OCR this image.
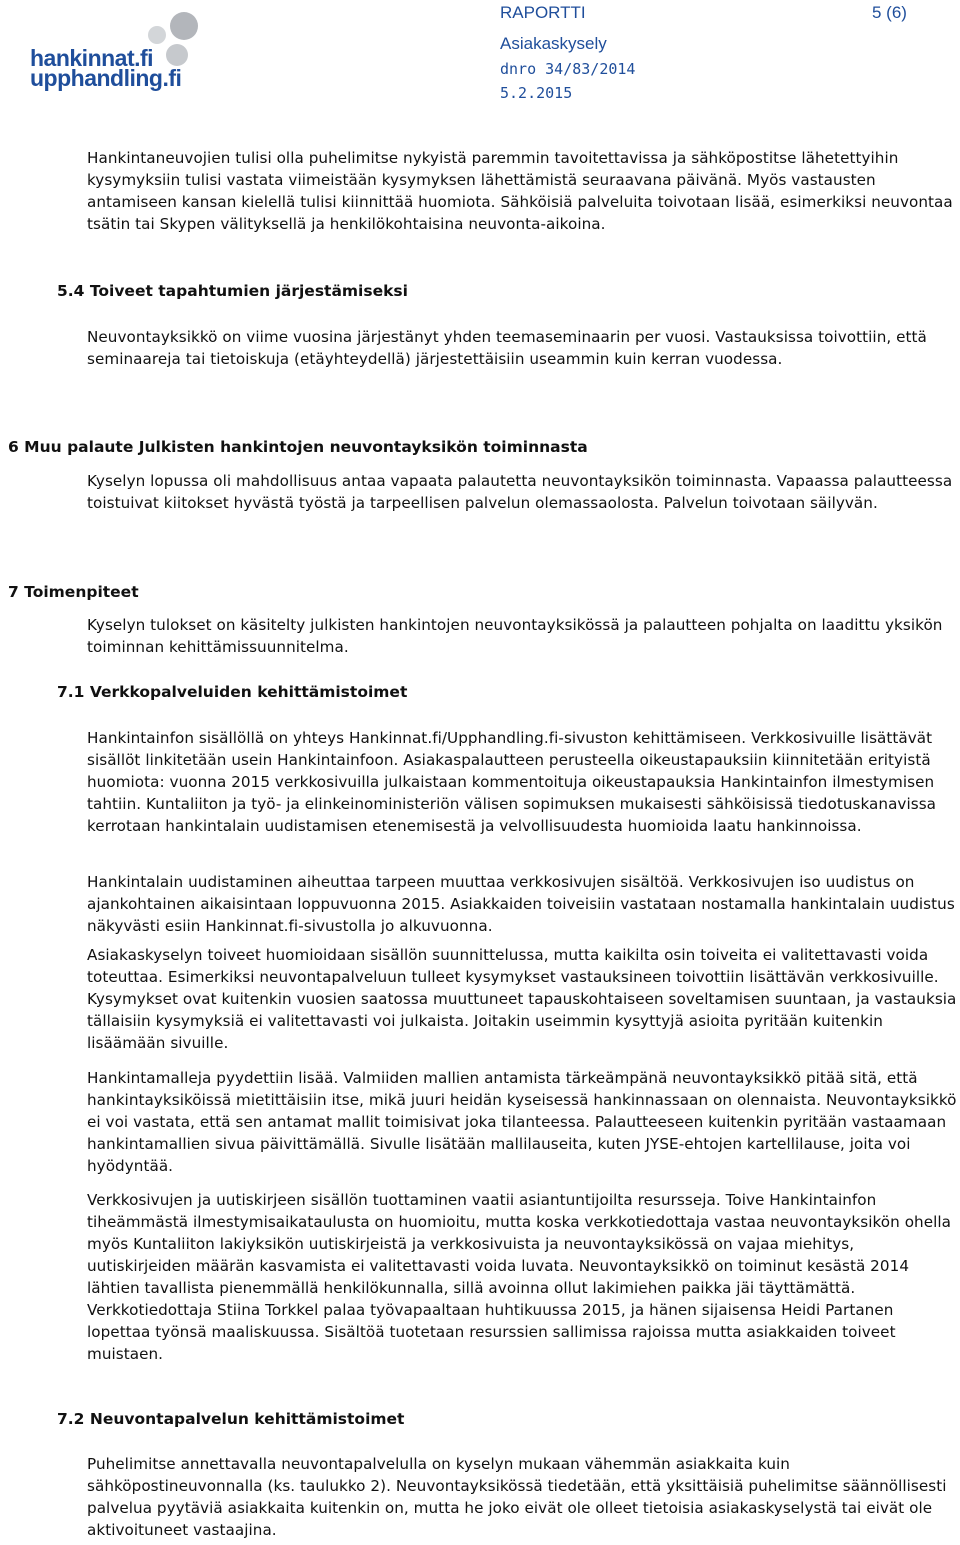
hankinnat.fi
upphandling.fi
RAPORTTI	5 (6)
Asiakaskysely
dnro 34/83/2014
5.2.2015

Hankintaneuvojien tulisi olla puhelimitse nykyistä paremmin tavoitettavissa ja sähköpostitse lähetettyihin kysymyksiin tulisi vastata viimeistään kysymyksen lähettämistä seuraavana päivänä. Myös vastausten antamiseen kansan kielellä tulisi kiinnittää huomiota. Sähköisiä palveluita toivotaan lisää, esimerkiksi neuvontaa tsätin tai Skypen välityksellä ja henkilökohtaisina neuvonta-aikoina.

5.4 Toiveet tapahtumien järjestämiseksi

Neuvontayksikkö on viime vuosina järjestänyt yhden teemaseminaarin per vuosi. Vastauksissa toivottiin, että seminaareja tai tietoiskuja (etäyhteydellä) järjestettäisiin useammin kuin kerran vuodessa.

6 Muu palaute Julkisten hankintojen neuvontayksikön toiminnasta

Kyselyn lopussa oli mahdollisuus antaa vapaata palautetta neuvontayksikön toiminnasta. Vapaassa palautteessa toistuivat kiitokset hyvästä työstä ja tarpeellisen palvelun olemassaolosta. Palvelun toivotaan säilyvän.

7 Toimenpiteet

Kyselyn tulokset on käsitelty julkisten hankintojen neuvontayksikössä ja palautteen pohjalta on laadittu yksikön toiminnan kehittämissuunnitelma.

7.1 Verkkopalveluiden kehittämistoimet

Hankintainfon sisällöllä on yhteys Hankinnat.fi/Upphandling.fi-sivuston kehittämiseen. Verkkosivuille lisättävät sisällöt linkitetään usein Hankintainfoon. Asiakaspalautteen perusteella oikeustapauksiin kiinnitetään erityistä huomiota: vuonna 2015 verkkosivuilla julkaistaan kommentoituja oikeustapauksia Hankintainfon ilmestymisen tahtiin. Kuntaliiton ja työ- ja elinkeinoministeriön välisen sopimuksen mukaisesti sähköisissä tiedotuskanavissa kerrotaan hankintalain uudistamisen etenemisestä ja velvollisuudesta huomioida laatu hankinnoissa.

Hankintalain uudistaminen aiheuttaa tarpeen muuttaa verkkosivujen sisältöä. Verkkosivujen iso uudistus on ajankohtainen aikaisintaan loppuvuonna 2015. Asiakkaiden toiveisiin vastataan nostamalla hankintalain uudistus näkyvästi esiin Hankinnat.fi-sivustolla jo alkuvuonna.

Asiakaskyselyn toiveet huomioidaan sisällön suunnittelussa, mutta kaikilta osin toiveita ei valitettavasti voida toteuttaa. Esimerkiksi neuvontapalveluun tulleet kysymykset vastauksineen toivottiin lisättävän verkkosivuille. Kysymykset ovat kuitenkin vuosien saatossa muuttuneet tapauskohtaiseen soveltamisen suuntaan, ja vastauksia tällaisiin kysymyksiä ei valitettavasti voi julkaista. Joitakin useimmin kysyttyjä asioita pyritään kuitenkin lisäämään sivuille.

Hankintamalleja pyydettiin lisää. Valmiiden mallien antamista tärkeämpänä neuvontayksikkö pitää sitä, että hankintayksiköissä mietittäisiin itse, mikä juuri heidän kyseisessä hankinnassaan on olennaista. Neuvontayksikkö ei voi vastata, että sen antamat mallit toimisivat joka tilanteessa. Palautteeseen kuitenkin pyritään vastaamaan hankintamallien sivua päivittämällä. Sivulle lisätään mallilauseita, kuten JYSE-ehtojen kartellilause, joita voi hyödyntää.

Verkkosivujen ja uutiskirjeen sisällön tuottaminen vaatii asiantuntijoilta resursseja. Toive Hankintainfon tiheämmästä ilmestymisaikataulusta on huomioitu, mutta koska verkkotiedottaja vastaa neuvontayksikön ohella myös Kuntaliiton lakiyksikön uutiskirjeistä ja verkkosivuista ja neuvontayksikössä on vajaa miehitys, uutiskirjeiden määrän kasvamista ei valitettavasti voida luvata. Neuvontayksikkö on toiminut kesästä 2014 lähtien tavallista pienemmällä henkilökunnalla, sillä avoinna ollut lakimiehen paikka jäi täyttämättä. Verkkotiedottaja Stiina Torkkel palaa työvapaaltaan huhtikuussa 2015, ja hänen sijaisensa Heidi Partanen lopettaa työnsä maaliskuussa. Sisältöä tuotetaan resurssien sallimissa rajoissa mutta asiakkaiden toiveet muistaen.

7.2 Neuvontapalvelun kehittämistoimet

Puhelimitse annettavalla neuvontapalvelulla on kyselyn mukaan vähemmän asiakkaita kuin sähköpostineuvonnalla (ks. taulukko 2). Neuvontayksikössä tiedetään, että yksittäisiä puhelimitse säännöllisesti palvelua pyytäviä asiakkaita kuitenkin on, mutta he joko eivät ole olleet tietoisia asiakaskyselystä tai eivät ole aktivoituneet vastaajina.
